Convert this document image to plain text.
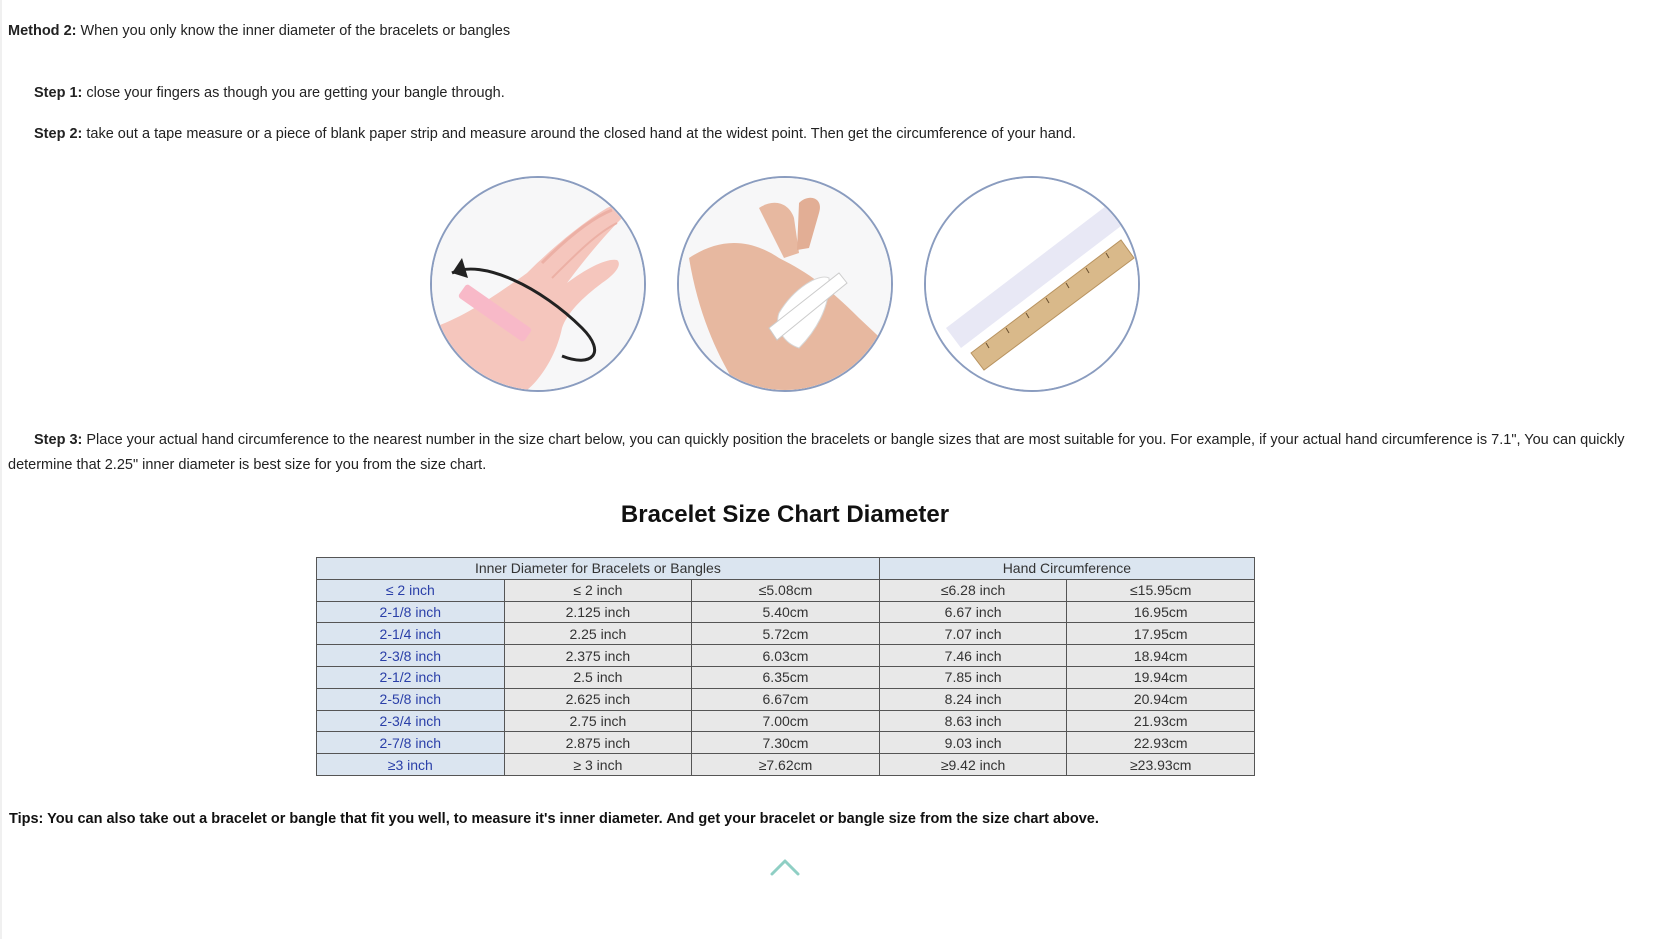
Method 2: When you only know the inner diameter of the bracelets or bangles
Step 1: close your fingers as though you are getting your bangle through.
Step 2: take out a tape measure or a piece of blank paper strip and measure around the closed hand at the widest point. Then get the circumference of your hand.
Step 3: Place your actual hand circumference to the nearest number in the size chart below, you can quickly position the bracelets or bangle sizes that are most suitable for you. For example, if your actual hand circumference is 7.1", You can quickly determine that 2.25" inner diameter is best size for you from the size chart.
Bracelet Size Chart Diameter
Inner Diameter for Bracelets or Bangles			Hand Circumference	
≤ 2 inch	≤ 2 inch	≤5.08cm	≤6.28 inch	≤15.95cm
2-1/8 inch	2.125 inch	5.40cm	6.67 inch	16.95cm
2-1/4 inch	2.25 inch	5.72cm	7.07 inch	17.95cm
2-3/8 inch	2.375 inch	6.03cm	7.46 inch	18.94cm
2-1/2 inch	2.5 inch	6.35cm	7.85 inch	19.94cm
2-5/8 inch	2.625 inch	6.67cm	8.24 inch	20.94cm
2-3/4 inch	2.75 inch	7.00cm	8.63 inch	21.93cm
2-7/8 inch	2.875 inch	7.30cm	9.03 inch	22.93cm
≥3 inch	≥ 3 inch	≥7.62cm	≥9.42 inch	≥23.93cm
Tips: You can also take out a bracelet or bangle that fit you well, to measure it's inner diameter. And get your bracelet or bangle size from the size chart above.
